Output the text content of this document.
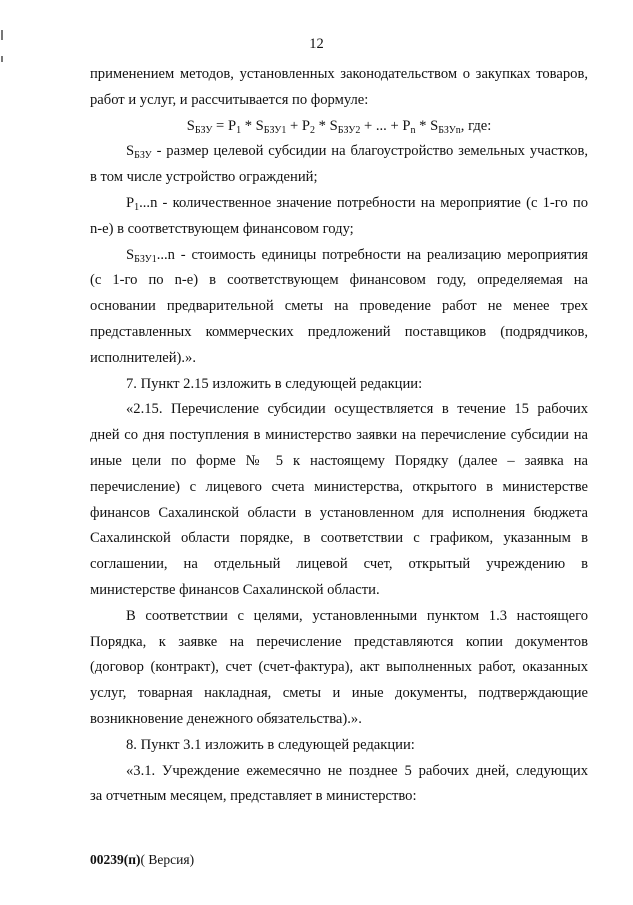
12
применением методов, установленных законодательством о закупках товаров,
работ и услуг, и рассчитывается по формуле:
$S_{БЗУ} = P_1 * S_{БЗУ1} + P_2 * S_{БЗУ2}$ + ... + $P_n * S_{БЗУn}$, где:
$S_{БЗУ}$ - размер целевой субсидии на благоустройство земельных участков,
в том числе устройство ограждений;
$P_1...n$ - количественное значение потребности на мероприятие (с 1-го по
n-е) в соответствующем финансовом году;
$S_{БЗУ1}...n$ - стоимость единицы потребности на реализацию мероприятия
(с 1-го по n-е) в соответствующем финансовом году, определяемая на
основании предварительной сметы на проведение работ не менее трех
представленных коммерческих предложений поставщиков (подрядчиков,
исполнителей).».
7. Пункт 2.15 изложить в следующей редакции:
«2.15. Перечисление субсидии осуществляется в течение 15 рабочих
дней со дня поступления в министерство заявки на перечисление субсидии на
иные цели по форме № 5 к настоящему Порядку (далее – заявка на
перечисление) с лицевого счета министерства, открытого в министерстве
финансов Сахалинской области в установленном для исполнения бюджета
Сахалинской области порядке, в соответствии с графиком, указанным в
соглашении, на отдельный лицевой счет, открытый учреждению в
министерстве финансов Сахалинской области.
В соответствии с целями, установленными пунктом 1.3 настоящего
Порядка, к заявке на перечисление представляются копии документов
(договор (контракт), счет (счет-фактура), акт выполненных работ, оказанных
услуг, товарная накладная, сметы и иные документы, подтверждающие
возникновение денежного обязательства).».
8. Пункт 3.1 изложить в следующей редакции:
«3.1. Учреждение ежемесячно не позднее 5 рабочих дней, следующих
за отчетным месяцем, представляет в министерство:
00239(п)( Версия)
